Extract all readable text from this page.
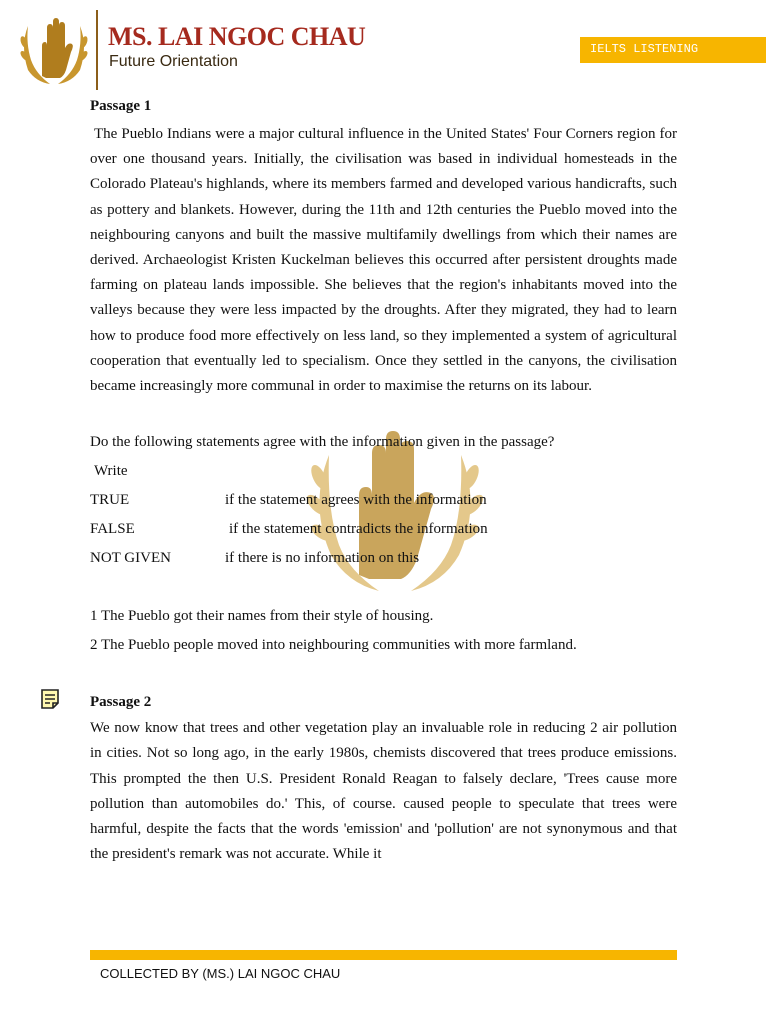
MS. LAI NGOC CHAU
Future Orientation
IELTS LISTENING
Passage 1
The Pueblo Indians were a major cultural influence in the United States' Four Corners region for over one thousand years. Initially, the civilisation was based in individual homesteads in the Colorado Plateau's highlands, where its members farmed and developed various handicrafts, such as pottery and blankets. However, during the 11th and 12th centuries the Pueblo moved into the neighbouring canyons and built the massive multifamily dwellings from which their names are derived. Archaeologist Kristen Kuckelman believes this occurred after persistent droughts made farming on plateau lands impossible. She believes that the region's inhabitants moved into the valleys because they were less impacted by the droughts. After they migrated, they had to learn how to produce food more effectively on less land, so they implemented a system of agricultural cooperation that eventually led to specialism. Once they settled in the canyons, the civilisation became increasingly more communal in order to maximise the returns on its labour.
Do the following statements agree with the information given in the passage?
Write
TRUE	if the statement agrees with the information
FALSE	if the statement contradicts the information
NOT GIVEN	if there is no information on this
1 The Pueblo got their names from their style of housing.
2 The Pueblo people moved into neighbouring communities with more farmland.
Passage 2
We now know that trees and other vegetation play an invaluable role in reducing 2 air pollution in cities. Not so long ago, in the early 1980s, chemists discovered that trees produce emissions. This prompted the then U.S. President Ronald Reagan to falsely declare, 'Trees cause more pollution than automobiles do.' This, of course. caused people to speculate that trees were harmful, despite the facts that the words 'emission' and 'pollution' are not synonymous and that the president's remark was not accurate. While it
COLLECTED BY (MS.) LAI NGOC CHAU
